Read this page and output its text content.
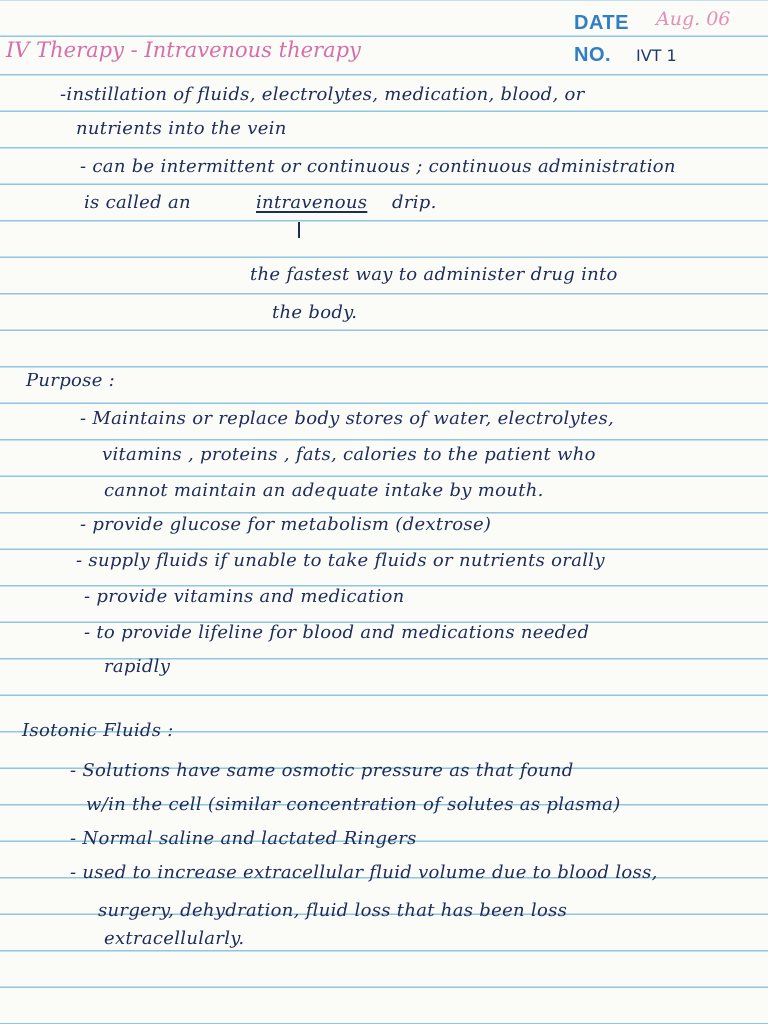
DATE Aug. 06
NO. IVT 1
IV Therapy - Intravenous therapy
-instillation of fluids, electrolytes, medication, blood, or
nutrients into the vein
- can be intermittent or continuous ; continuous administration
is called an	intravenous drip.
the fastest way to administer drug into
the body.
Purpose :
- Maintains or replace body stores of water, electrolytes,
vitamins , proteins , fats, calories to the patient who
cannot maintain an adequate intake by mouth.
- provide glucose for metabolism (dextrose)
- supply fluids if unable to take fluids or nutrients orally
- provide vitamins and medication
- to provide lifeline for blood and medications needed
rapidly
Isotonic Fluids :
- Solutions have same osmotic pressure as that found
w/in the cell (similar concentration of solutes as plasma)
- Normal saline and lactated Ringers
- used to increase extracellular fluid volume due to blood loss,
surgery, dehydration, fluid loss that has been loss
extracellularly.
